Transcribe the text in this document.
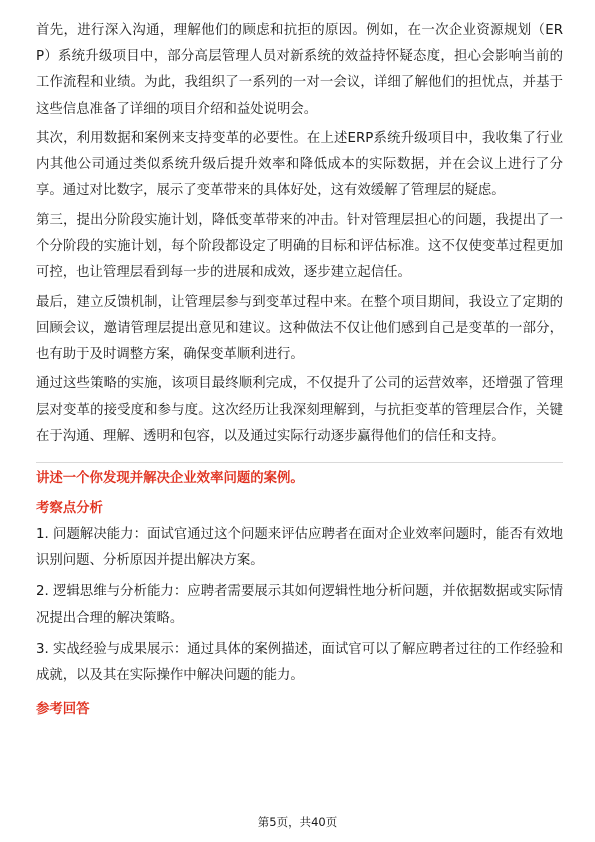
首先，进行深入沟通，理解他们的顾虑和抗拒的原因。例如，在一次企业资源规划（ERP）系统升级项目中，部分高层管理人员对新系统的效益持怀疑态度，担心会影响当前的工作流程和业绩。为此，我组织了一系列的一对一会议，详细了解他们的担忧点，并基于这些信息准备了详细的项目介绍和益处说明会。

其次，利用数据和案例来支持变革的必要性。在上述ERP系统升级项目中，我收集了行业内其他公司通过类似系统升级后提升效率和降低成本的实际数据，并在会议上进行了分享。通过对比数字，展示了变革带来的具体好处，这有效缓解了管理层的疑虑。

第三，提出分阶段实施计划，降低变革带来的冲击。针对管理层担心的问题，我提出了一个分阶段的实施计划，每个阶段都设定了明确的目标和评估标准。这不仅使变革过程更加可控，也让管理层看到每一步的进展和成效，逐步建立起信任。

最后，建立反馈机制，让管理层参与到变革过程中来。在整个项目期间，我设立了定期的回顾会议，邀请管理层提出意见和建议。这种做法不仅让他们感到自己是变革的一部分，也有助于及时调整方案，确保变革顺利进行。

通过这些策略的实施，该项目最终顺利完成，不仅提升了公司的运营效率，还增强了管理层对变革的接受度和参与度。这次经历让我深刻理解到，与抗拒变革的管理层合作，关键在于沟通、理解、透明和包容，以及通过实际行动逐步赢得他们的信任和支持。

讲述一个你发现并解决企业效率问题的案例。
考察点分析

1. 问题解决能力：面试官通过这个问题来评估应聘者在面对企业效率问题时，能否有效地识别问题、分析原因并提出解决方案。

2. 逻辑思维与分析能力：应聘者需要展示其如何逻辑性地分析问题，并依据数据或实际情况提出合理的解决策略。

3. 实战经验与成果展示：通过具体的案例描述，面试官可以了解应聘者过往的工作经验和成就，以及其在实际操作中解决问题的能力。

参考回答
第5页，共40页
